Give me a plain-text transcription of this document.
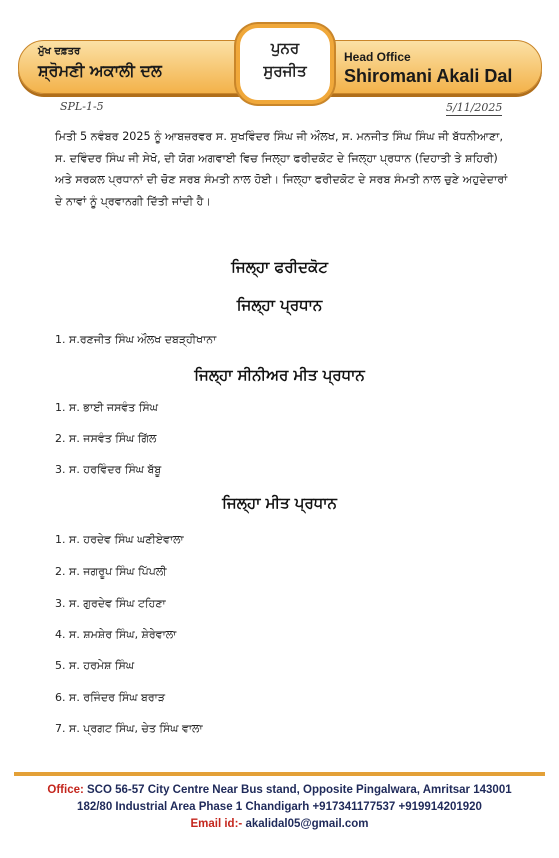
ਮੁੱਖ ਦਫ਼ਤਰ
ਸ਼੍ਰੋਮਣੀ ਅਕਾਲੀ ਦਲ
ਪੁਨਰ
ਸੁਰਜੀਤ
Head Office
Shiromani Akali Dal
SPL-1-5	5/11/2025

ਮਿਤੀ 5 ਨਵੰਬਰ 2025 ਨੂੰ ਆਬਜ਼ਰਵਰ ਸ. ਸੁਖਵਿੰਦਰ ਸਿੰਘ ਜੀ ਔਲਖ, ਸ. ਮਨਜੀਤ ਸਿੰਘ ਸਿੰਘ ਜੀ ਬੱਧਨੀਆਣਾ, ਸ. ਦਵਿੰਦਰ ਸਿੰਘ ਜੀ ਸੇਖੋ, ਦੀ ਯੋਗ ਅਗਵਾਈ ਵਿਚ ਜਿਲ੍ਹਾ ਫਰੀਦਕੋਟ ਦੇ ਜਿਲ੍ਹਾ ਪ੍ਰਧਾਨ (ਦਿਹਾਤੀ ਤੇ ਸ਼ਹਿਰੀ) ਅਤੇ ਸਰਕਲ ਪ੍ਰਧਾਨਾਂ ਦੀ ਚੋਣ ਸਰਬ ਸੰਮਤੀ ਨਾਲ ਹੋਈ। ਜਿਲ੍ਹਾ ਫਰੀਦਕੋਟ ਦੇ ਸਰਬ ਸੰਮਤੀ ਨਾਲ ਚੁਣੇ ਅਹੁਦੇਦਾਰਾਂ ਦੇ ਨਾਵਾਂ ਨੂੰ ਪ੍ਰਵਾਨਗੀ ਦਿੱਤੀ ਜਾਂਦੀ ਹੈ।

ਜਿਲ੍ਹਾ ਫਰੀਦਕੋਟ
ਜਿਲ੍ਹਾ ਪ੍ਰਧਾਨ
1. ਸ.ਰਣਜੀਤ ਸਿੰਘ ਔਲਖ ਦਬੜ੍ਹੀਖਾਨਾ
ਜਿਲ੍ਹਾ ਸੀਨੀਅਰ ਮੀਤ ਪ੍ਰਧਾਨ
1. ਸ. ਭਾਈ ਜਸਵੰਤ ਸਿੰਘ
2. ਸ. ਜਸਵੰਤ ਸਿੰਘ ਗਿੱਲ
3. ਸ. ਹਰਵਿੰਦਰ ਸਿੰਘ ਬੱਬੂ
ਜਿਲ੍ਹਾ ਮੀਤ ਪ੍ਰਧਾਨ
1. ਸ. ਹਰਦੇਵ ਸਿੰਘ ਘਣੀਏਵਾਲਾ
2. ਸ. ਜਗਰੂਪ ਸਿੰਘ ਪਿੱਪਲੀ
3. ਸ. ਗੁਰਦੇਵ ਸਿੰਘ ਟਹਿਣਾ
4. ਸ. ਸ਼ਮਸ਼ੇਰ ਸਿੰਘ, ਸ਼ੇਰੇਵਾਲਾ
5. ਸ. ਹਰਮੇਸ਼ ਸਿੰਘ
6. ਸ. ਰਜਿੰਦਰ ਸਿੰਘ ਬਰਾੜ
7. ਸ. ਪ੍ਰਗਟ ਸਿੰਘ, ਚੇਤ ਸਿੰਘ ਵਾਲਾ
Office: SCO 56-57 City Centre Near Bus stand, Opposite Pingalwara, Amritsar 143001
182/80 Industrial Area Phase 1 Chandigarh +917341177537 +919914201920
Email id:- akalidal05@gmail.com
